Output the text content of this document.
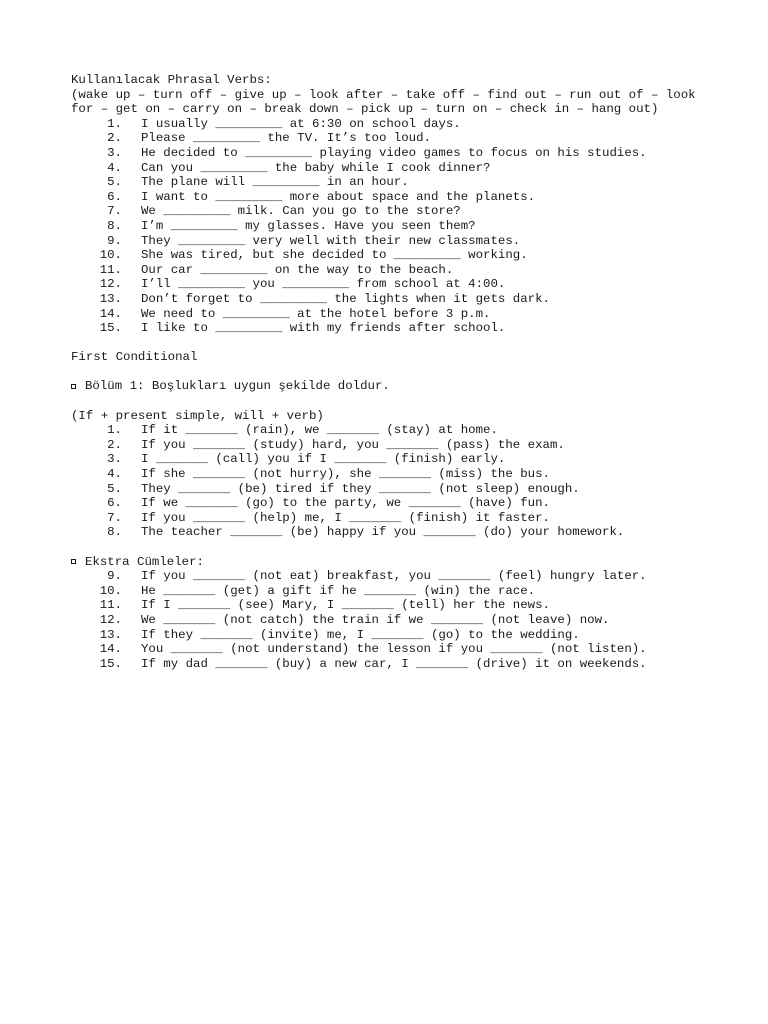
Kullanılacak Phrasal Verbs:
(wake up – turn off – give up – look after – take off – find out – run out of – look for – get on – carry on – break down – pick up – turn on – check in – hang out)
1.	I usually _________ at 6:30 on school days.
2.	Please _________ the TV. It’s too loud.
3.	He decided to _________ playing video games to focus on his studies.
4.	Can you _________ the baby while I cook dinner?
5.	The plane will _________ in an hour.
6.	I want to _________ more about space and the planets.
7.	We _________ milk. Can you go to the store?
8.	I’m _________ my glasses. Have you seen them?
9.	They _________ very well with their new classmates.
10.	She was tired, but she decided to _________ working.
11.	Our car _________ on the way to the beach.
12.	I’ll _________ you _________ from school at 4:00.
13.	Don’t forget to _________ the lights when it gets dark.
14.	We need to _________ at the hotel before 3 p.m.
15.	I like to _________ with my friends after school.
First Conditional
Bölüm 1: Boşlukları uygun şekilde doldur.
(If + present simple, will + verb)
1.	If it _______ (rain), we _______ (stay) at home.
2.	If you _______ (study) hard, you _______ (pass) the exam.
3.	I _______ (call) you if I _______ (finish) early.
4.	If she _______ (not hurry), she _______ (miss) the bus.
5.	They _______ (be) tired if they _______ (not sleep) enough.
6.	If we _______ (go) to the party, we _______ (have) fun.
7.	If you _______ (help) me, I _______ (finish) it faster.
8.	The teacher _______ (be) happy if you _______ (do) your homework.
Ekstra Cümleler:
9.	If you _______ (not eat) breakfast, you _______ (feel) hungry later.
10.	He _______ (get) a gift if he _______ (win) the race.
11.	If I _______ (see) Mary, I _______ (tell) her the news.
12.	We _______ (not catch) the train if we _______ (not leave) now.
13.	If they _______ (invite) me, I _______ (go) to the wedding.
14.	You _______ (not understand) the lesson if you _______ (not listen).
15.	If my dad _______ (buy) a new car, I _______ (drive) it on weekends.
